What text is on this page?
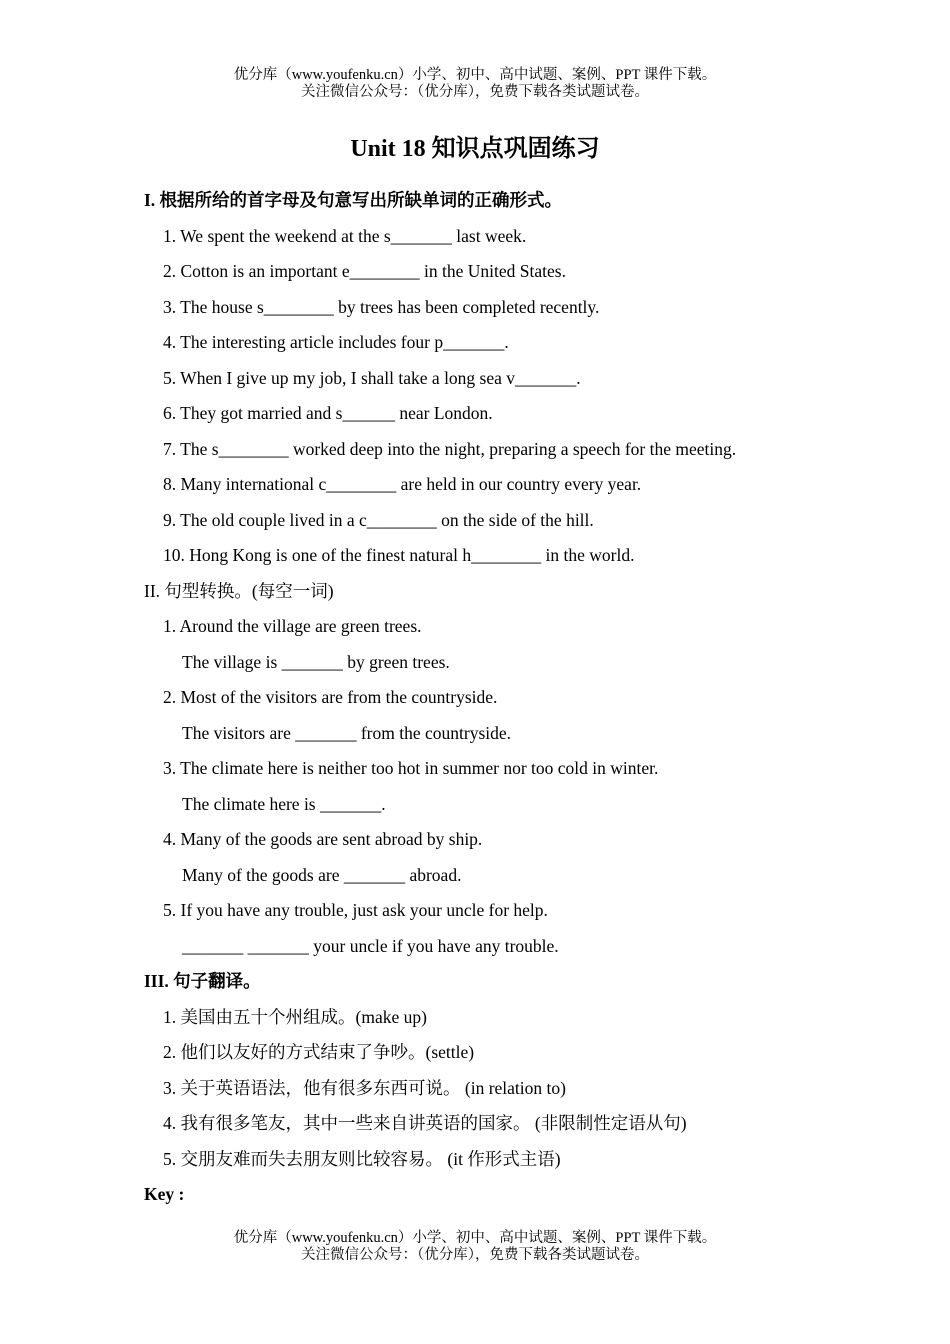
优分库（www.youfenku.cn）小学、初中、高中试题、案例、PPT 课件下载。
关注微信公众号：（优分库），免费下载各类试题试卷。
Unit 18 知识点巩固练习
I. 根据所给的首字母及句意写出所缺单词的正确形式。
1. We spent the weekend at the s_______ last week.
2. Cotton is an important e________ in the United States.
3. The house s________ by trees has been completed recently.
4. The interesting article includes four p_______.
5. When I give up my job, I shall take a long sea v_______.
6. They got married and s______ near London.
7. The s________ worked deep into the night, preparing a speech for the meeting.
8. Many international c________ are held in our country every year.
9. The old couple lived in a c________ on the side of the hill.
10. Hong Kong is one of the finest natural h________ in the world.
II. 句型转换。(每空一词)
1. Around the village are green trees.
The village is _______ by green trees.
2. Most of the visitors are from the countryside.
The visitors are _______ from the countryside.
3. The climate here is neither too hot in summer nor too cold in winter.
The climate here is _______.
4. Many of the goods are sent abroad by ship.
Many of the goods are _______ abroad.
5. If you have any trouble, just ask your uncle for help.
_______ _______ your uncle if you have any trouble.
III. 句子翻译。
1. 美国由五十个州组成。(make up)
2. 他们以友好的方式结束了争吵。(settle)
3. 关于英语语法，他有很多东西可说。 (in relation to)
4. 我有很多笔友，其中一些来自讲英语的国家。 (非限制性定语从句)
5. 交朋友难而失去朋友则比较容易。 (it 作形式主语)
Key :
优分库（www.youfenku.cn）小学、初中、高中试题、案例、PPT 课件下载。
关注微信公众号：（优分库），免费下载各类试题试卷。
